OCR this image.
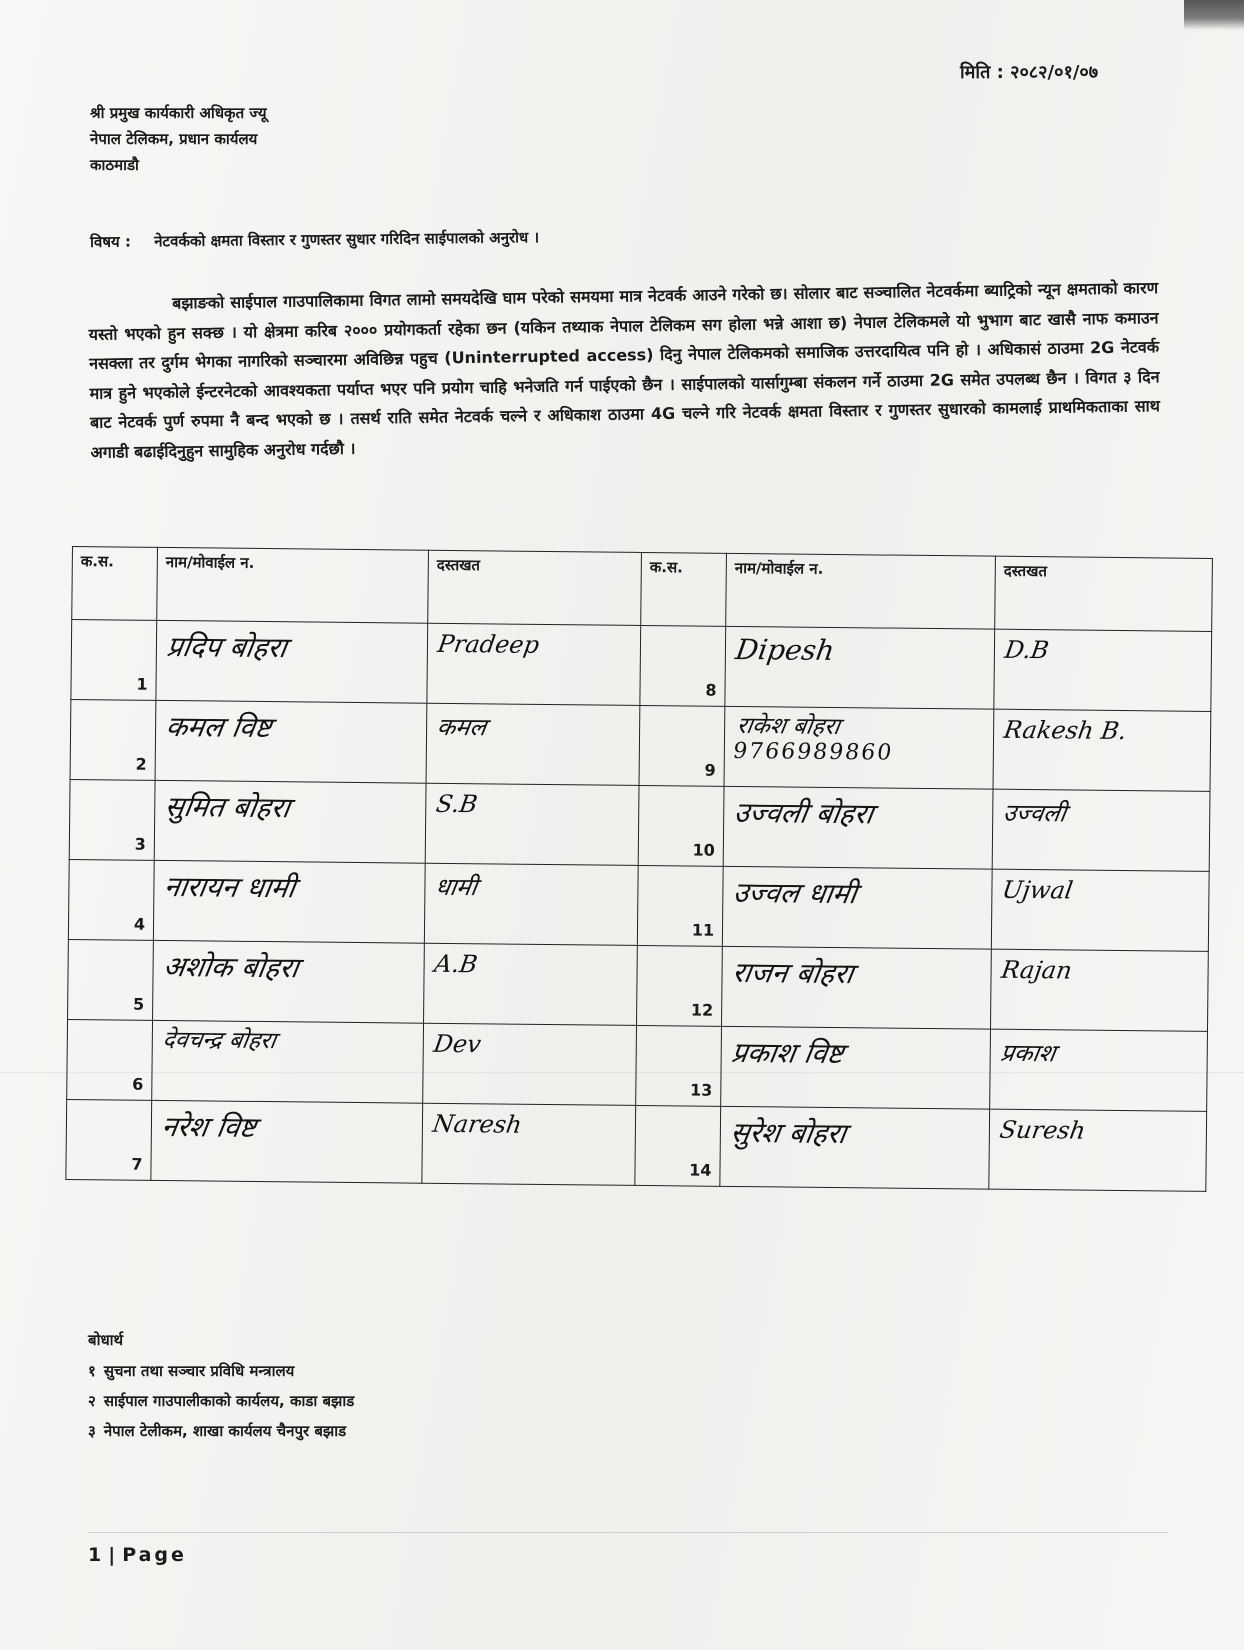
मिति : २०८२/०१/०७
श्री प्रमुख कार्यकारी अधिकृत ज्यू
नेपाल टेलिकम, प्रधान कार्यलय
काठमाडौ
विषय : नेटवर्कको क्षमता विस्तार र गुणस्तर सुधार गरिदिन साईपालको अनुरोध ।
बझाङको साईपाल गाउपालिकामा विगत लामो समयदेखि घाम परेको समयमा मात्र नेटवर्क आउने गरेको छ। सोलार बाट सञ्चालित नेटवर्कमा ब्याट्रिको न्यून क्षमताको कारण यस्तो भएको हुन सक्छ । यो क्षेत्रमा करिब २००० प्रयोगकर्ता रहेका छन (यकिन तथ्याक नेपाल टेलिकम सग होला भन्ने आशा छ) नेपाल टेलिकमले यो भुभाग बाट खासै नाफ कमाउन नसक्ला तर दुर्गम भेगका नागरिको सञ्चारमा अविछिन्न पहुच (Uninterrupted access) दिनु नेपाल टेलिकमको समाजिक उत्तरदायित्व पनि हो । अधिकासं ठाउमा 2G नेटवर्क मात्र हुने भएकोले ईन्टरनेटको आवश्यकता पर्याप्त भएर पनि प्रयोग चाहि भनेजति गर्न पाईएको छैन । साईपालको यार्सागुम्बा संकलन गर्ने ठाउमा 2G समेत उपलब्ध छैन । विगत ३ दिन बाट नेटवर्क पुर्ण रुपमा नै बन्द भएको छ । तसर्थ राति समेत नेटवर्क चल्ने र अधिकाश ठाउमा 4G चल्ने गरि नेटवर्क क्षमता विस्तार र गुणस्तर सुधारको कामलाई प्राथमिकताका साथ अगाडी बढाईदिनुहुन सामुहिक अनुरोध गर्दछौ ।
क.स.	नाम/मोवाईल न.	दस्तखत	क.स.	नाम/मोवाईल न.	दस्तखत

1	प्रदिप बोहरा	Pradeep	8	Dipesh	D.B

2	कमल विष्ट	कमल	9	राकेश बोहरा
9766989860	Rakesh B.

3	सुमित बोहरा	S.B	10	उज्वली बोहरा	उज्वली

4	नारायन धामी	धामी	11	उज्वल धामी	Ujwal

5	अशोक बोहरा	A.B	12	राजन बोहरा	Rajan

6	देवचन्द्र बोहरा	Dev	13	प्रकाश विष्ट	प्रकाश

7	नरेश विष्ट	Naresh	14	सुरेश बोहरा	Suresh
बोधार्थ
१ सुचना तथा सञ्चार प्रविधि मन्त्रालय
२ साईपाल गाउपालीकाको कार्यलय, काडा बझाड
३ नेपाल टेलीकम, शाखा कार्यलय चैनपुर बझाड
1 | Page
